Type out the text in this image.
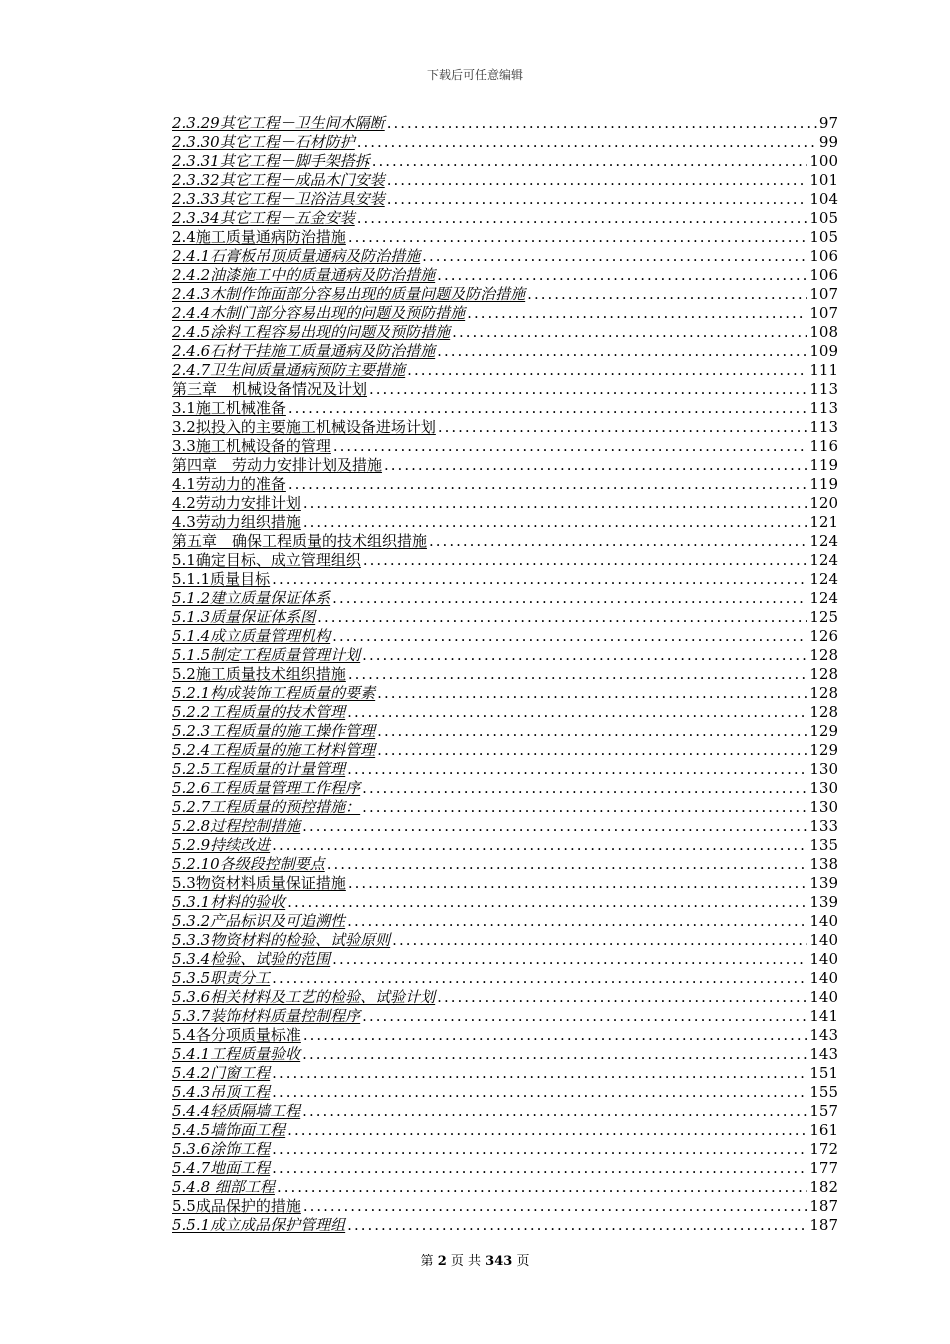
下载后可任意编辑
2.3.29其它工程－卫生间木隔断 .....	97
2.3.30其它工程－石材防护 .....	99
2.3.31其它工程－脚手架搭拆 .....	100
2.3.32其它工程－成品木门安装 .....	101
2.3.33其它工程－卫浴洁具安装 .....	104
2.3.34其它工程－五金安装 .....	105
2.4施工质量通病防治措施 .....	105
2.4.1石膏板吊顶质量通病及防治措施 .....	106
2.4.2油漆施工中的质量通病及防治措施 .....	106
2.4.3木制作饰面部分容易出现的质量问题及防治措施 .....	107
2.4.4木制门部分容易出现的问题及预防措施 .....	107
2.4.5涂料工程容易出现的问题及预防措施 .....	108
2.4.6石材干挂施工质量通病及防治措施 .....	109
2.4.7卫生间质量通病预防主要措施 .....	111
第三章　机械设备情况及计划 .....	113
3.1施工机械准备 .....	113
3.2拟投入的主要施工机械设备进场计划 .....	113
3.3施工机械设备的管理 .....	116
第四章　劳动力安排计划及措施 .....	119
4.1劳动力的准备 .....	119
4.2劳动力安排计划 .....	120
4.3劳动力组织措施 .....	121
第五章　确保工程质量的技术组织措施 .....	124
5.1确定目标、成立管理组织 .....	124
5.1.1质量目标 .....	124
5.1.2建立质量保证体系 .....	124
5.1.3质量保证体系图 .....	125
5.1.4成立质量管理机构 .....	126
5.1.5制定工程质量管理计划 .....	128
5.2施工质量技术组织措施 .....	128
5.2.1构成装饰工程质量的要素 .....	128
5.2.2工程质量的技术管理 .....	128
5.2.3工程质量的施工操作管理 .....	129
5.2.4工程质量的施工材料管理 .....	129
5.2.5工程质量的计量管理 .....	130
5.2.6工程质量管理工作程序 .....	130
5.2.7工程质量的预控措施： .....	130
5.2.8过程控制措施 .....	133
5.2.9持续改进 .....	135
5.2.10各级段控制要点 .....	138
5.3物资材料质量保证措施 .....	139
5.3.1材料的验收 .....	139
5.3.2产品标识及可追溯性 .....	140
5.3.3物资材料的检验、试验原则 .....	140
5.3.4检验、试验的范围 .....	140
5.3.5职责分工 .....	140
5.3.6相关材料及工艺的检验、试验计划 .....	140
5.3.7装饰材料质量控制程序 .....	141
5.4各分项质量标准 .....	143
5.4.1工程质量验收 .....	143
5.4.2门窗工程 .....	151
5.4.3吊顶工程 .....	155
5.4.4轻质隔墙工程 .....	157
5.4.5墙饰面工程 .....	161
5.3.6涂饰工程 .....	172
5.4.7地面工程 .....	177
5.4.8 细部工程 .....	182
5.5成品保护的措施 .....	187
5.5.1成立成品保护管理组 .....	187
第 2 页 共 343 页
